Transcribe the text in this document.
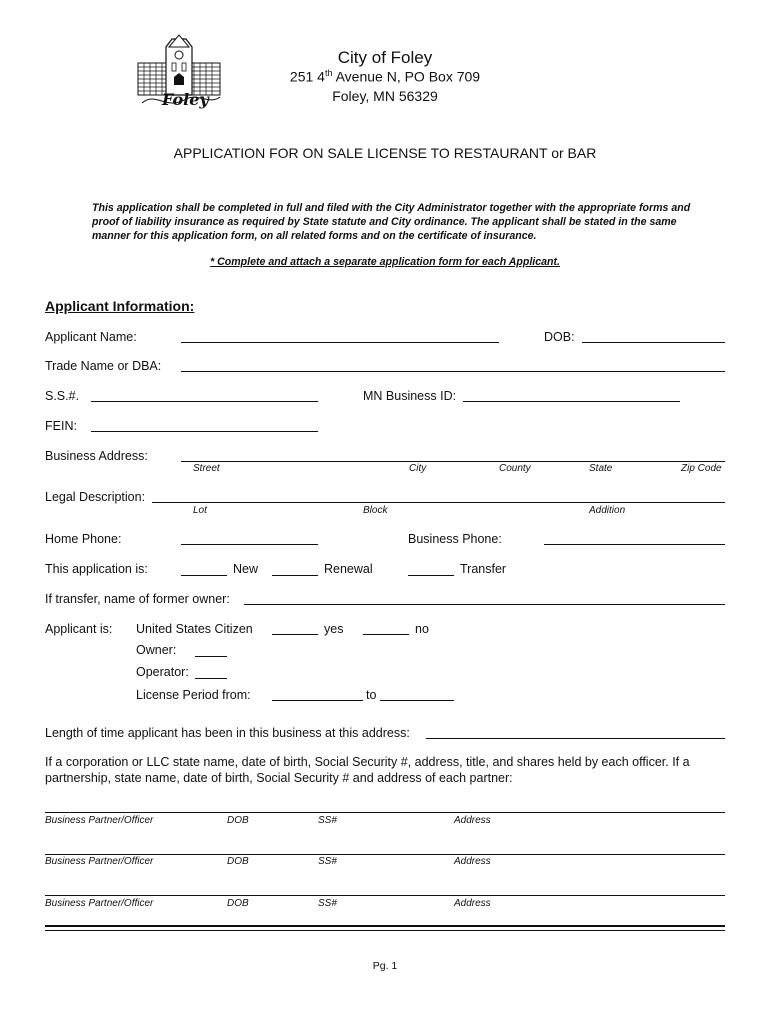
Foley
City of Foley
251 4th Avenue N, PO Box 709
Foley, MN 56329
APPLICATION FOR ON SALE LICENSE TO RESTAURANT or BAR
This application shall be completed in full and filed with the City Administrator together with the appropriate forms and proof of liability insurance as required by State statute and City ordinance. The applicant shall be stated in the same manner for this application form, on all related forms and on the certificate of insurance.
* Complete and attach a separate application form for each Applicant.
Applicant Information:
Applicant Name:	DOB:
Trade Name or DBA:
S.S.#.	MN Business ID:
FEIN:
Business Address:
Street	City	County	State	Zip Code
Legal Description:
Lot	Block	Addition
Home Phone:	Business Phone:
This application is:	New	Renewal	Transfer
If transfer, name of former owner:
Applicant is: United States Citizen	yes	no
Owner:
Operator:
License Period from:	to
Length of time applicant has been in this business at this address:
If a corporation or LLC state name, date of birth, Social Security #, address, title, and shares held by each officer. If a partnership, state name, date of birth, Social Security # and address of each partner:
Business Partner/Officer	DOB	SS#	Address
Business Partner/Officer	DOB	SS#	Address
Business Partner/Officer	DOB	SS#	Address
Pg. 1
